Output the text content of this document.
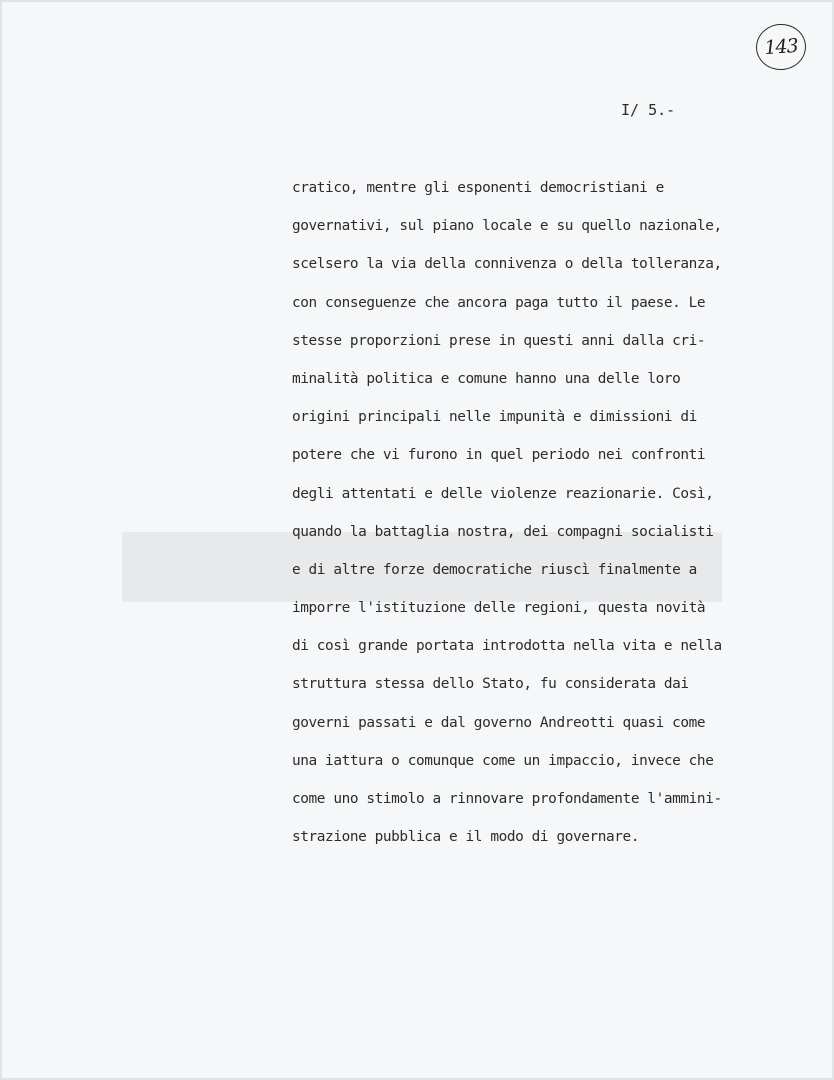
143
I/ 5.-
cratico, mentre gli esponenti democristiani e
governativi, sul piano locale e su quello nazionale,
scelsero la via della connivenza o della tolleranza,
con conseguenze che ancora paga tutto il paese. Le
stesse proporzioni prese in questi anni dalla cri-
minalità politica e comune hanno una delle loro
origini principali nelle impunità e dimissioni di
potere che vi furono in quel periodo nei confronti
degli attentati e delle violenze reazionarie. Così,
quando la battaglia nostra, dei compagni socialisti
e di altre forze democratiche riuscì finalmente a
imporre l'istituzione delle regioni, questa novità
di così grande portata introdotta nella vita e nella
struttura stessa dello Stato, fu considerata dai
governi passati e dal governo Andreotti quasi come
una iattura o comunque come un impaccio, invece che
come uno stimolo a rinnovare profondamente l'ammini-
strazione pubblica e il modo di governare.
